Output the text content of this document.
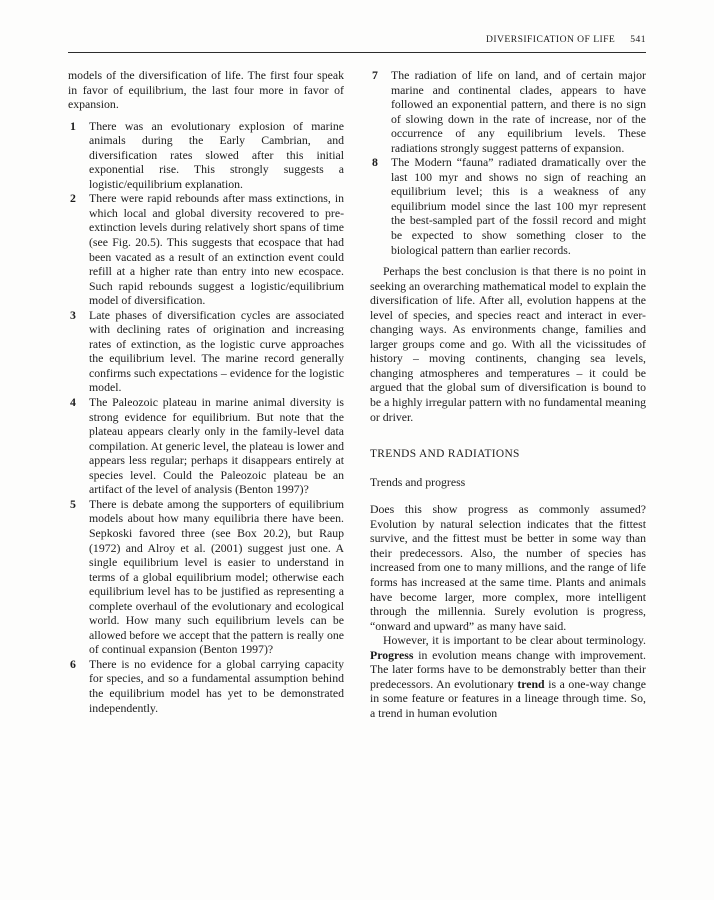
DIVERSIFICATION OF LIFE 541

models of the diversification of life. The first four speak in favor of equilibrium, the last four more in favor of expansion.

1 There was an evolutionary explosion of marine animals during the Early Cambrian, and diversification rates slowed after this initial exponential rise. This strongly suggests a logistic/equilibrium explanation.
2 There were rapid rebounds after mass extinctions, in which local and global diversity recovered to pre-extinction levels during relatively short spans of time (see Fig. 20.5). This suggests that ecospace that had been vacated as a result of an extinction event could refill at a higher rate than entry into new ecospace. Such rapid rebounds suggest a logistic/equilibrium model of diversification.
3 Late phases of diversification cycles are associated with declining rates of origination and increasing rates of extinction, as the logistic curve approaches the equilibrium level. The marine record generally confirms such expectations – evidence for the logistic model.
4 The Paleozoic plateau in marine animal diversity is strong evidence for equilibrium. But note that the plateau appears clearly only in the family-level data compilation. At generic level, the plateau is lower and appears less regular; perhaps it disappears entirely at species level. Could the Paleozoic plateau be an artifact of the level of analysis (Benton 1997)?
5 There is debate among the supporters of equilibrium models about how many equilibria there have been. Sepkoski favored three (see Box 20.2), but Raup (1972) and Alroy et al. (2001) suggest just one. A single equilibrium level is easier to understand in terms of a global equilibrium model; otherwise each equilibrium level has to be justified as representing a complete overhaul of the evolutionary and ecological world. How many such equilibrium levels can be allowed before we accept that the pattern is really one of continual expansion (Benton 1997)?
6 There is no evidence for a global carrying capacity for species, and so a fundamental assumption behind the equilibrium model has yet to be demonstrated independently.
7 The radiation of life on land, and of certain major marine and continental clades, appears to have followed an exponential pattern, and there is no sign of slowing down in the rate of increase, nor of the occurrence of any equilibrium levels. These radiations strongly suggest patterns of expansion.
8 The Modern “fauna” radiated dramatically over the last 100 myr and shows no sign of reaching an equilibrium level; this is a weakness of any equilibrium model since the last 100 myr represent the best-sampled part of the fossil record and might be expected to show something closer to the biological pattern than earlier records.

Perhaps the best conclusion is that there is no point in seeking an overarching mathematical model to explain the diversification of life. After all, evolution happens at the level of species, and species react and interact in ever-changing ways. As environments change, families and larger groups come and go. With all the vicissitudes of history – moving continents, changing sea levels, changing atmospheres and temperatures – it could be argued that the global sum of diversification is bound to be a highly irregular pattern with no fundamental meaning or driver.

TRENDS AND RADIATIONS
Trends and progress

Does this show progress as commonly assumed? Evolution by natural selection indicates that the fittest survive, and the fittest must be better in some way than their predecessors. Also, the number of species has increased from one to many millions, and the range of life forms has increased at the same time. Plants and animals have become larger, more complex, more intelligent through the millennia. Surely evolution is progress, “onward and upward” as many have said.

However, it is important to be clear about terminology. Progress in evolution means change with improvement. The later forms have to be demonstrably better than their predecessors. An evolutionary trend is a one-way change in some feature or features in a lineage through time. So, a trend in human evolution
